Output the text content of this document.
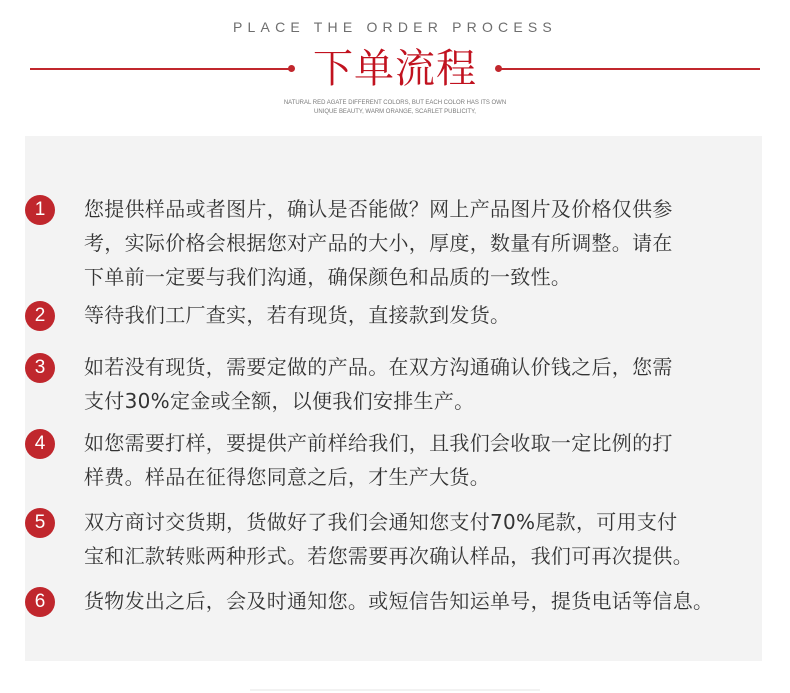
PLACE THE ORDER PROCESS
下单流程
NATURAL RED AGATE DIFFERENT COLORS, BUT EACH COLOR HAS ITS OWN
UNIQUE BEAUTY, WARM ORANGE, SCARLET PUBLICITY,
1	您提供样品或者图片，确认是否能做？网上产品图片及价格仅供参
考，实际价格会根据您对产品的大小，厚度，数量有所调整。请在
下单前一定要与我们沟通，确保颜色和品质的一致性。
2	等待我们工厂查实，若有现货，直接款到发货。
3	如若没有现货，需要定做的产品。在双方沟通确认价钱之后，您需
支付30%定金或全额，以便我们安排生产。
4	如您需要打样，要提供产前样给我们，且我们会收取一定比例的打
样费。样品在征得您同意之后，才生产大货。
5	双方商讨交货期，货做好了我们会通知您支付70%尾款，可用支付
宝和汇款转账两种形式。若您需要再次确认样品，我们可再次提供。
6	货物发出之后，会及时通知您。或短信告知运单号，提货电话等信息。
